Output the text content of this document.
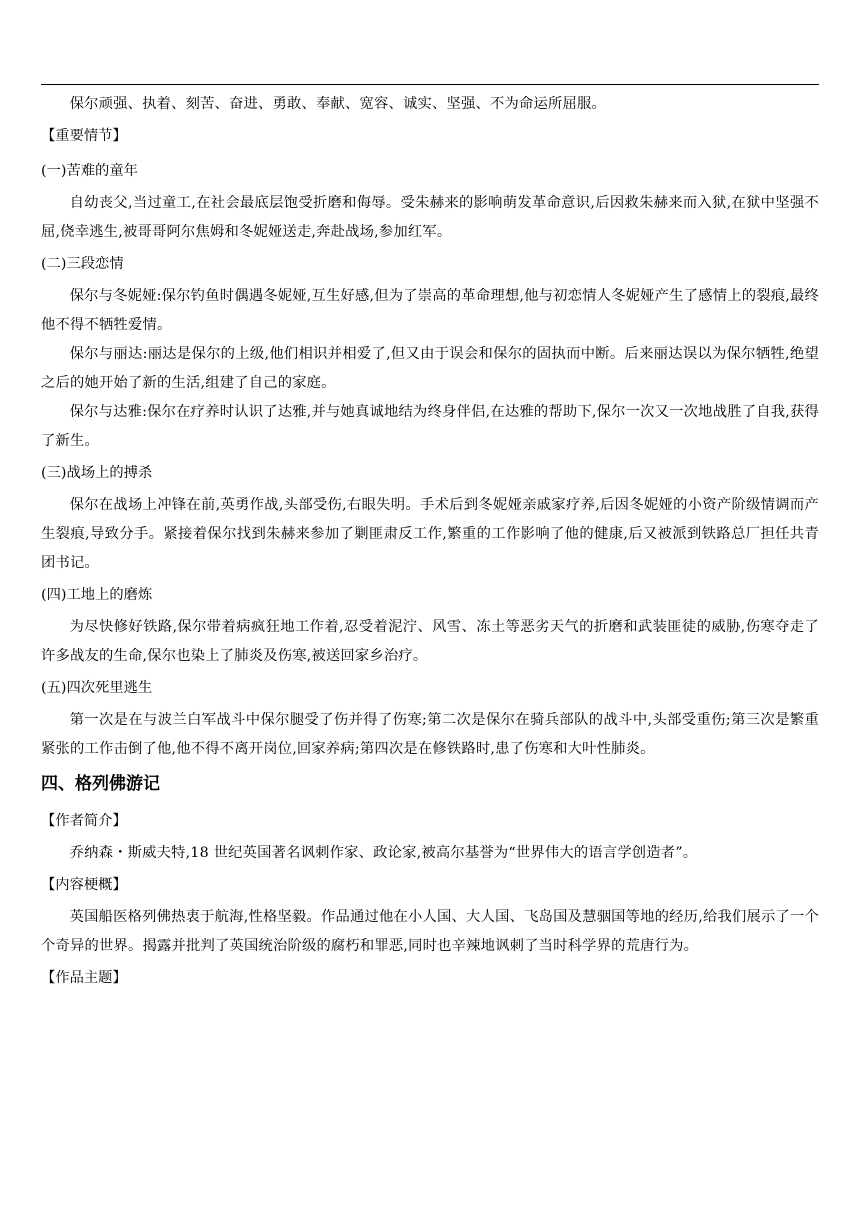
保尔顽强、执着、刻苦、奋进、勇敢、奉献、宽容、诚实、坚强、不为命运所屈服。

【重要情节】

(一)苦难的童年

自幼丧父,当过童工,在社会最底层饱受折磨和侮辱。受朱赫来的影响萌发革命意识,后因救朱赫来而入狱,在狱中坚强不屈,侥幸逃生,被哥哥阿尔焦姆和冬妮娅送走,奔赴战场,参加红军。

(二)三段恋情

保尔与冬妮娅:保尔钓鱼时偶遇冬妮娅,互生好感,但为了崇高的革命理想,他与初恋情人冬妮娅产生了感情上的裂痕,最终他不得不牺牲爱情。

保尔与丽达:丽达是保尔的上级,他们相识并相爱了,但又由于误会和保尔的固执而中断。后来丽达误以为保尔牺牲,绝望之后的她开始了新的生活,组建了自己的家庭。

保尔与达雅:保尔在疗养时认识了达雅,并与她真诚地结为终身伴侣,在达雅的帮助下,保尔一次又一次地战胜了自我,获得了新生。

(三)战场上的搏杀

保尔在战场上冲锋在前,英勇作战,头部受伤,右眼失明。手术后到冬妮娅亲戚家疗养,后因冬妮娅的小资产阶级情调而产生裂痕,导致分手。紧接着保尔找到朱赫来参加了剿匪肃反工作,繁重的工作影响了他的健康,后又被派到铁路总厂担任共青团书记。

(四)工地上的磨炼

为尽快修好铁路,保尔带着病疯狂地工作着,忍受着泥泞、风雪、冻土等恶劣天气的折磨和武装匪徒的威胁,伤寒夺走了许多战友的生命,保尔也染上了肺炎及伤寒,被送回家乡治疗。

(五)四次死里逃生

第一次是在与波兰白军战斗中保尔腿受了伤并得了伤寒;第二次是保尔在骑兵部队的战斗中,头部受重伤;第三次是繁重紧张的工作击倒了他,他不得不离开岗位,回家养病;第四次是在修铁路时,患了伤寒和大叶性肺炎。

四、格列佛游记

【作者简介】

乔纳森・斯威夫特,18 世纪英国著名讽刺作家、政论家,被高尔基誉为“世界伟大的语言学创造者”。

【内容梗概】

英国船医格列佛热衷于航海,性格坚毅。作品通过他在小人国、大人国、飞岛国及慧骃国等地的经历,给我们展示了一个个奇异的世界。揭露并批判了英国统治阶级的腐朽和罪恶,同时也辛辣地讽刺了当时科学界的荒唐行为。

【作品主题】
